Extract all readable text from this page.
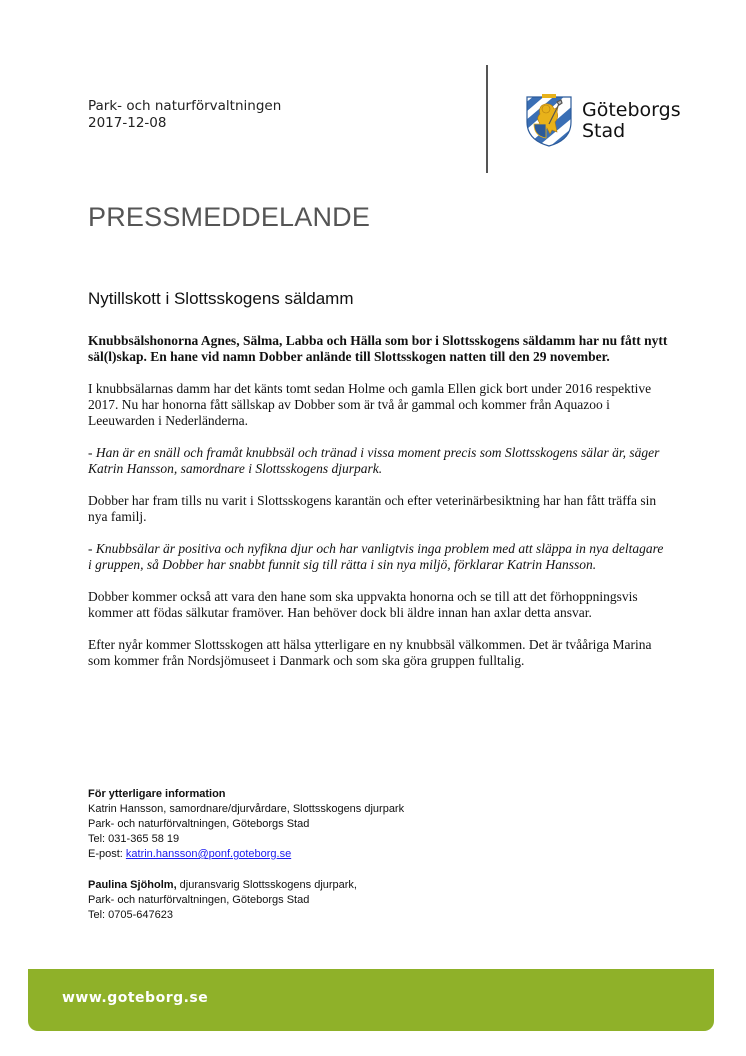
Park- och naturförvaltningen
2017-12-08
Göteborgs
Stad
PRESSMEDDELANDE
Nytillskott i Slottsskogens säldamm

Knubbsälshonorna Agnes, Sälma, Labba och Hälla som bor i Slottsskogens säldamm har nu fått nytt säl(l)skap. En hane vid namn Dobber anlände till Slottsskogen natten till den 29 november.

I knubbsälarnas damm har det känts tomt sedan Holme och gamla Ellen gick bort under 2016 respektive 2017. Nu har honorna fått sällskap av Dobber som är två år gammal och kommer från Aquazoo i Leeuwarden i Nederländerna.

- Han är en snäll och framåt knubbsäl och tränad i vissa moment precis som Slottsskogens sälar är, säger Katrin Hansson, samordnare i Slottsskogens djurpark.

Dobber har fram tills nu varit i Slottsskogens karantän och efter veterinärbesiktning har han fått träffa sin nya familj.

- Knubbsälar är positiva och nyfikna djur och har vanligtvis inga problem med att släppa in nya deltagare i gruppen, så Dobber har snabbt funnit sig till rätta i sin nya miljö, förklarar Katrin Hansson.

Dobber kommer också att vara den hane som ska uppvakta honorna och se till att det förhoppningsvis kommer att födas sälkutar framöver. Han behöver dock bli äldre innan han axlar detta ansvar.

Efter nyår kommer Slottsskogen att hälsa ytterligare en ny knubbsäl välkommen. Det är tvååriga Marina som kommer från Nordsjömuseet i Danmark och som ska göra gruppen fulltalig.

För ytterligare information
Katrin Hansson, samordnare/djurvårdare, Slottsskogens djurpark
Park- och naturförvaltningen, Göteborgs Stad
Tel: 031-365 58 19
E-post: katrin.hansson@ponf.goteborg.se
Paulina Sjöholm, djuransvarig Slottsskogens djurpark,
Park- och naturförvaltningen, Göteborgs Stad
Tel: 0705-647623
www.goteborg.se
